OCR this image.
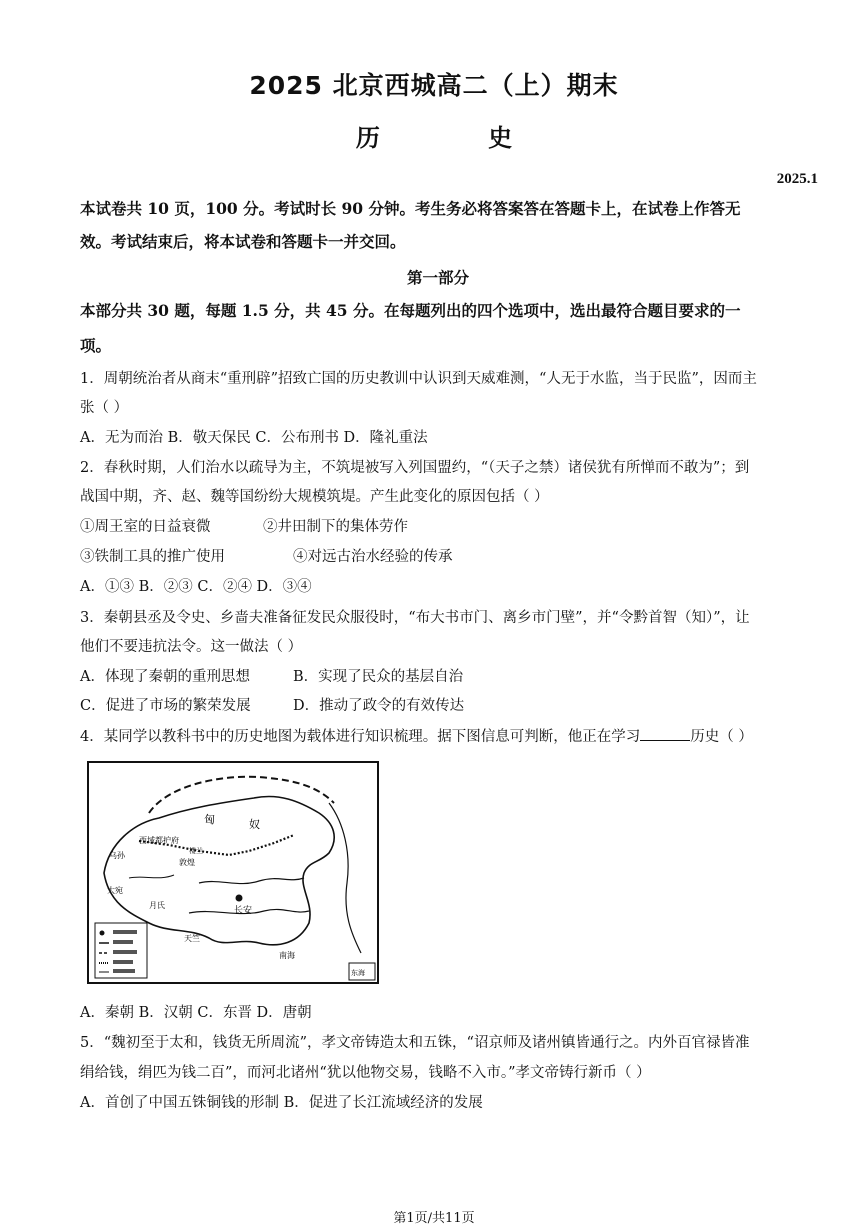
2025 北京西城高二（上）期末
历 史
2025.1
本试卷共 10 页，100 分。考试时长 90 分钟。考生务必将答案答在答题卡上，在试卷上作答无
效。考试结束后，将本试卷和答题卡一并交回。
第一部分
本部分共 30 题，每题 1.5 分，共 45 分。在每题列出的四个选项中，选出最符合题目要求的一
项。
1．周朝统治者从商末“重刑辟”招致亡国的历史教训中认识到天威难测，“人无于水监，当于民监”，因而主
张（ ）
A．无为而治 B．敬天保民 C．公布刑书 D．隆礼重法
2．春秋时期，人们治水以疏导为主，不筑堤被写入列国盟约，“（天子之禁）诸侯犹有所惮而不敢为”；到
战国中期，齐、赵、魏等国纷纷大规模筑堤。产生此变化的原因包括（ ）
①周王室的日益衰微	②井田制下的集体劳作
③铁制工具的推广使用	④对远古治水经验的传承
A．①③ B．②③ C．②④ D．③④
3．秦朝县丞及令史、乡啬夫准备征发民众服役时，“布大书市门、离乡市门壁”，并“令黔首智（知）”，让
他们不要违抗法令。这一做法（ ）
A．体现了秦朝的重刑思想	B．实现了民众的基层自治
C．促进了市场的繁荣发展	D．推动了政令的有效传达
4．某同学以教科书中的历史地图为载体进行知识梳理。据下图信息可判断，他正在学习	历史（ ）
长安
西域都护府
敦煌
匈	奴
楼兰
乌孙
大宛
月氏
天竺
南海
东海
A．秦朝 B．汉朝 C．东晋 D．唐朝
5．“魏初至于太和，钱货无所周流”，孝文帝铸造太和五铢，“诏京师及诸州镇皆通行之。内外百官禄皆准
绢给钱，绢匹为钱二百”，而河北诸州“犹以他物交易，钱略不入市。”孝文帝铸行新币（ ）
A．首创了中国五铢铜钱的形制 B．促进了长江流域经济的发展
第1页/共11页
